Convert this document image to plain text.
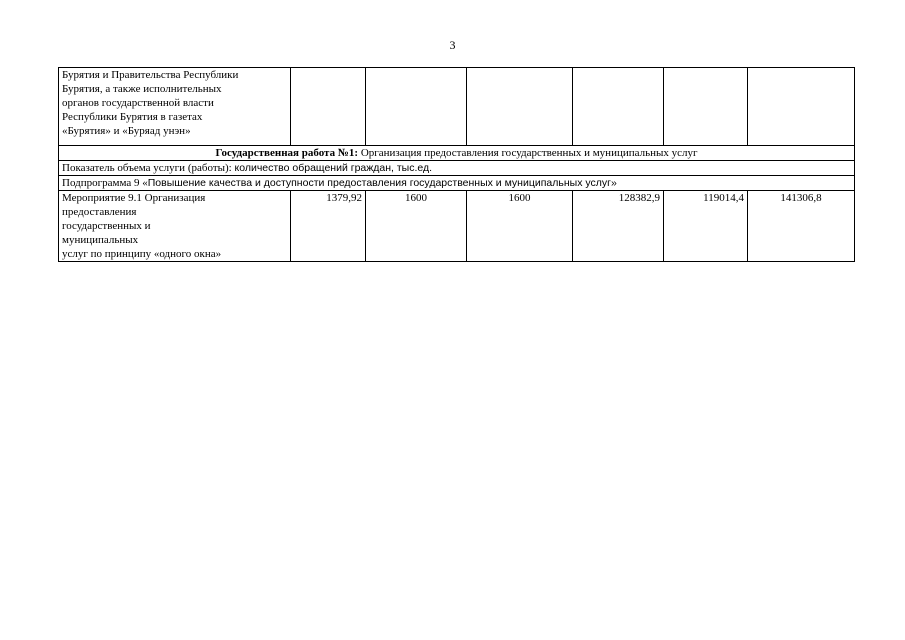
3
Бурятия и Правительства Республики
Бурятия, а также исполнительных
органов государственной власти
Республики Бурятия в газетах
«Бурятия» и «Буряад унэн»						
Государственная работа №1: Организация предоставления государственных и муниципальных услуг						
Показатель объема услуги (работы): количество обращений граждан, тыс.ед.						
Подпрограмма 9 «Повышение качества и доступности предоставления государственных и муниципальных услуг»						
Мероприятие 9.1 Организация
предоставления
государственных и
муниципальных
услуг по принципу «одного окна»	1379,92	1600	1600	128382,9	119014,4	141306,8
